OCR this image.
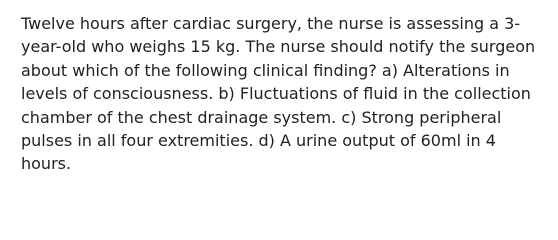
Twelve hours after cardiac surgery, the nurse is assessing a 3-
year-old who weighs 15 kg. The nurse should notify the surgeon
about which of the following clinical finding? a) Alterations in
levels of consciousness. b) Fluctuations of fluid in the collection
chamber of the chest drainage system. c) Strong peripheral
pulses in all four extremities. d) A urine output of 60ml in 4
hours.
